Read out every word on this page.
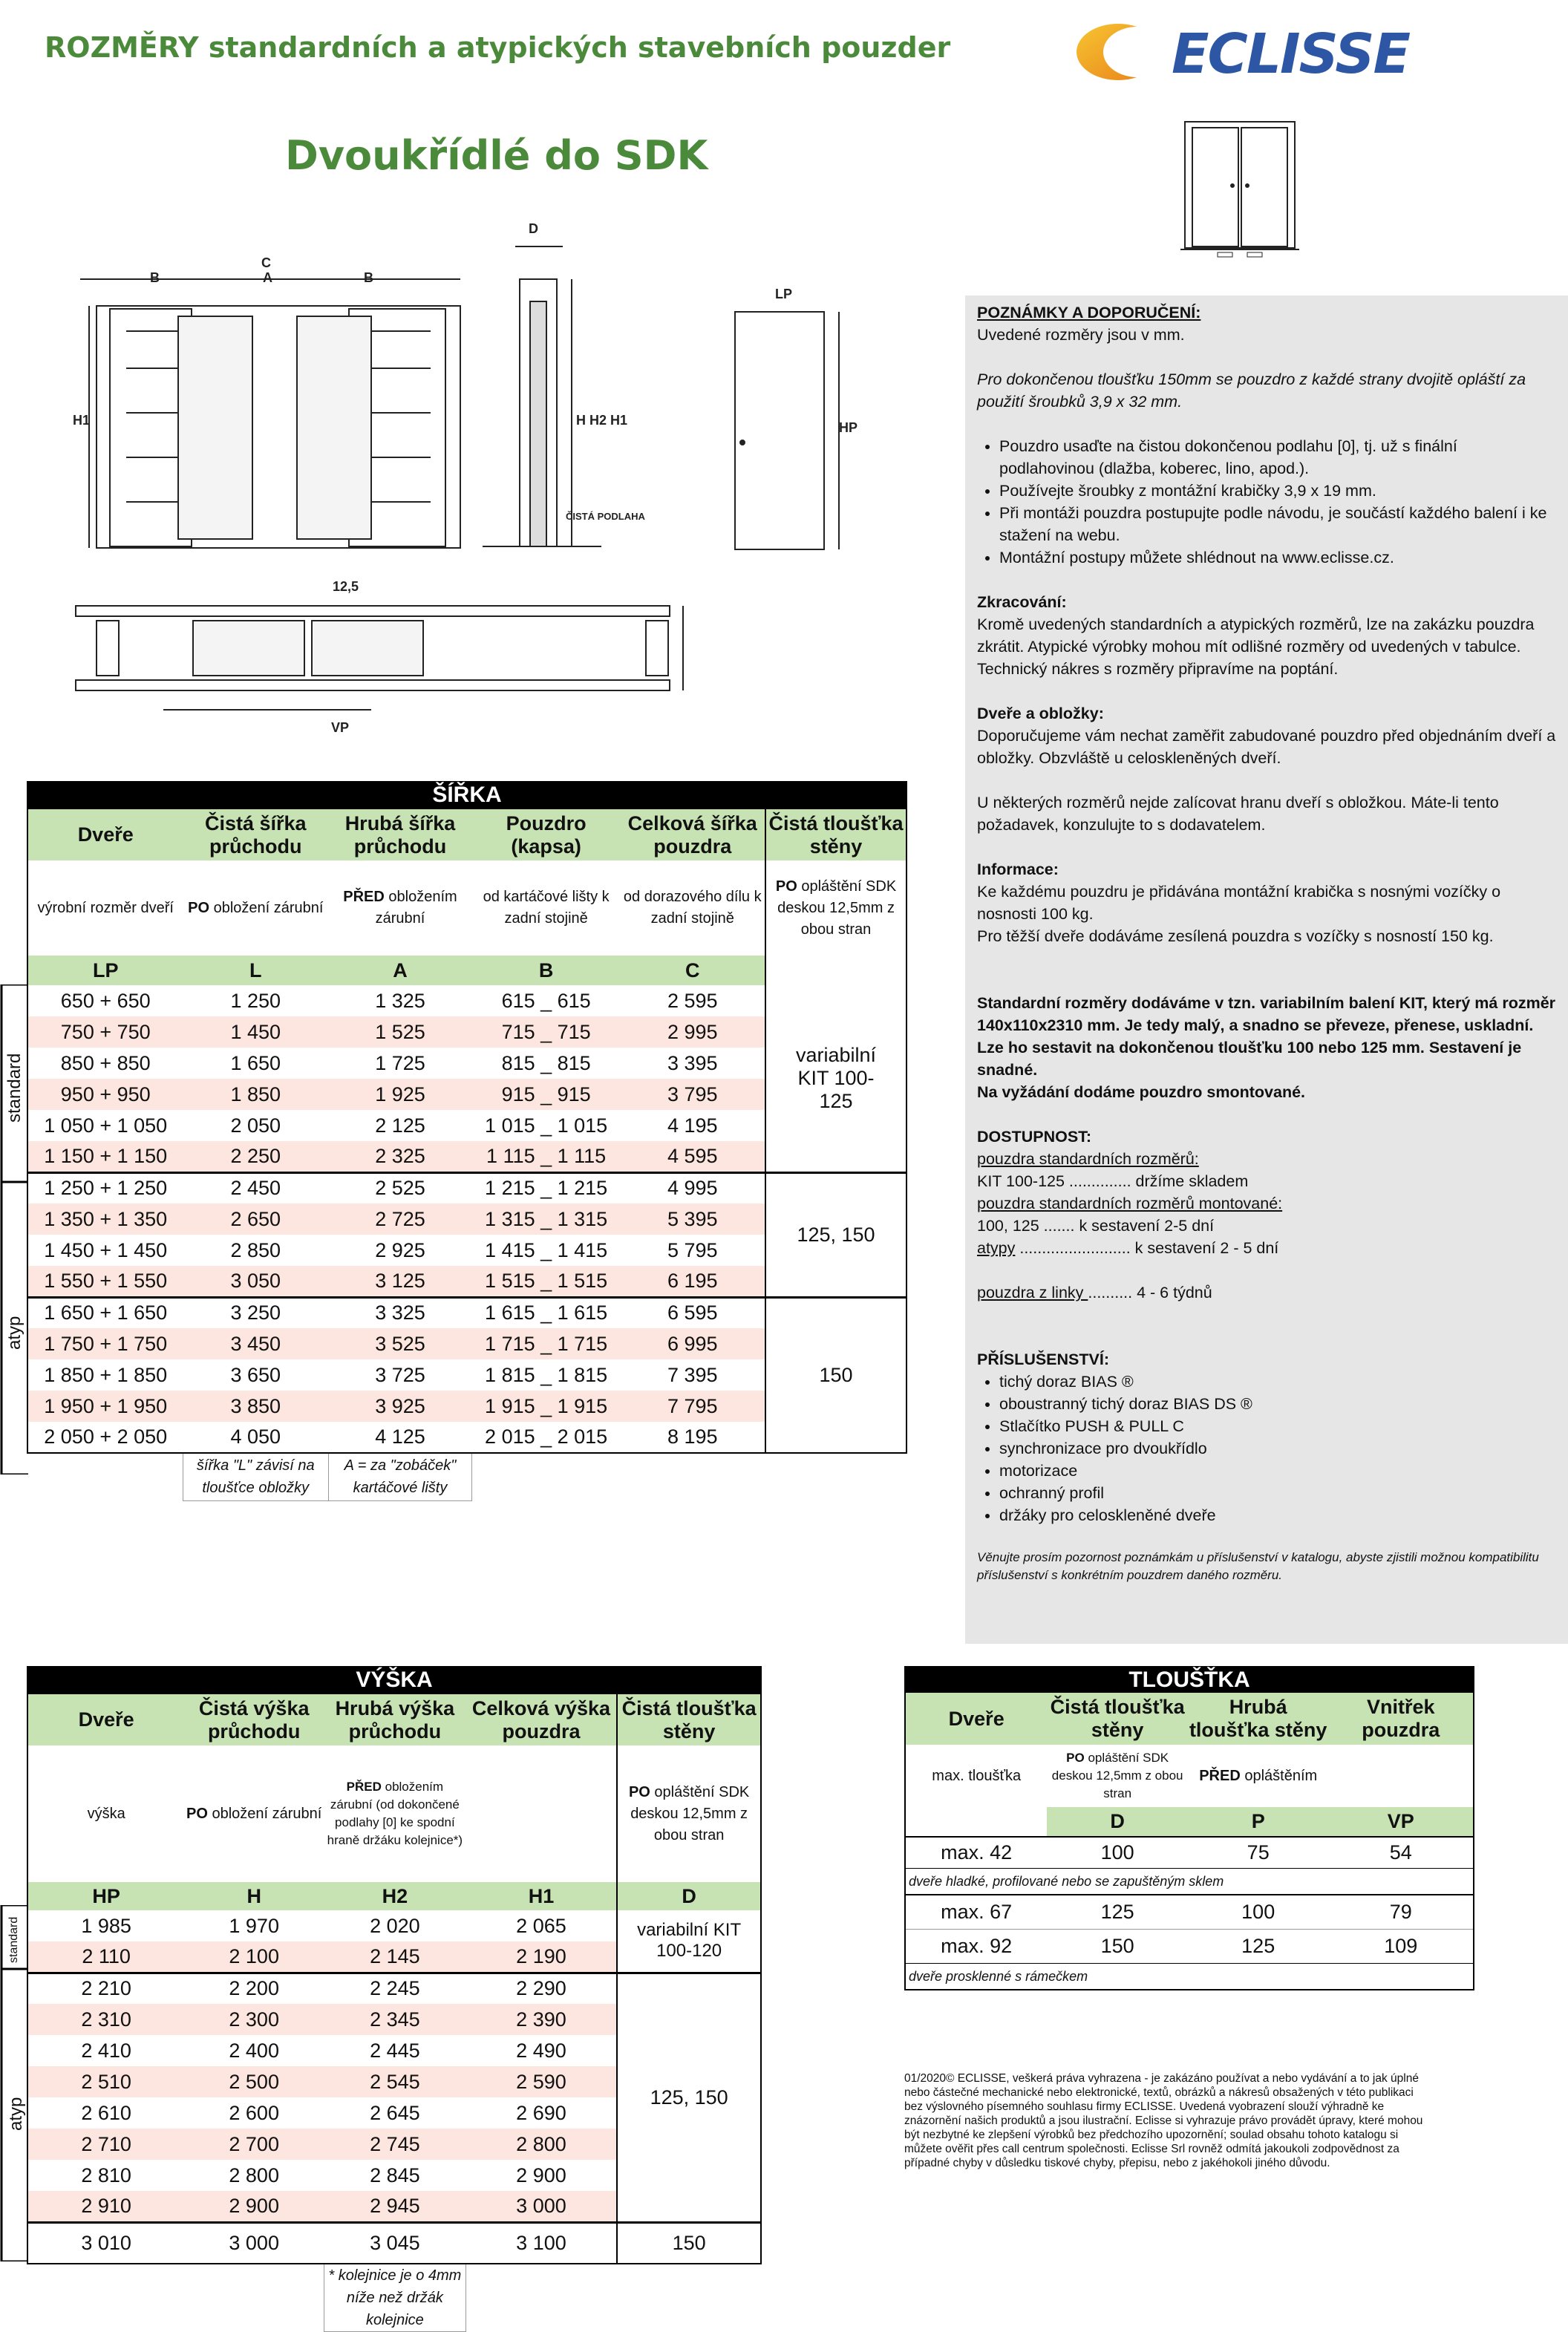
ROZMĚRY standardních a atypických stavebních pouzder
Dvoukřídlé do SDK
ECLISSE
C
A
B	B
H1
D
H H2 H1
ČISTÁ PODLAHA
LP
HP
12,5
VP

POZNÁMKY A DOPORUČENÍ:

Uvedené rozměry jsou v mm.

Pro dokončenou tloušťku 150mm se pouzdro z každé strany dvojitě opláští za použití šroubků 3,9 x 32 mm.

• Pouzdro usaďte na čistou dokončenou podlahu [0], tj. už s finální podlahovinou (dlažba, koberec, lino, apod.).
• Používejte šroubky z montážní krabičky 3,9 x 19 mm.
• Při montáži pouzdra postupujte podle návodu, je součástí každého balení i ke stažení na webu.
• Montážní postupy můžete shlédnout na www.eclisse.cz.

Zkracování:

Kromě uvedených standardních a atypických rozměrů, lze na zakázku pouzdra zkrátit. Atypické výrobky mohou mít odlišné rozměry od uvedených v tabulce. Technický nákres s rozměry připravíme na poptání.

Dveře a obložky:

Doporučujeme vám nechat zaměřit zabudované pouzdro před objednáním dveří a obložky. Obzvláště u celoskleněných dveří.

U některých rozměrů nejde zalícovat hranu dveří s obložkou. Máte-li tento požadavek, konzulujte to s dodavatelem.

Informace:

Ke každému pouzdru je přidávána montážní krabička s nosnými vozíčky o nosnosti 100 kg.

Pro těžší dveře dodáváme zesílená pouzdra s vozíčky s nosností 150 kg.

Standardní rozměry dodáváme v tzn. variabilním balení KIT, který má rozměr 140x110x2310 mm. Je tedy malý, a snadno se převeze, přenese, uskladní. Lze ho sestavit na dokončenou tloušťku 100 nebo 125 mm. Sestavení je snadné.

Na vyžádání dodáme pouzdro smontované.

DOSTUPNOST:

pouzdra standardních rozměrů:

KIT 100-125 .............. držíme skladem

pouzdra standardních rozměrů montované:

100, 125 ....... k sestavení 2-5 dní

atypy ......................... k sestavení 2 - 5 dní

pouzdra z linky .......... 4 - 6 týdnů

PŘÍSLUŠENSTVÍ:

• tichý doraz BIAS ®
• oboustranný tichý doraz BIAS DS ®
• Stlačítko PUSH & PULL C
• synchronizace pro dvoukřídlo
• motorizace
• ochranný profil
• držáky pro celoskleněné dveře

Věnujte prosím pozornost poznámkám u příslušenství v katalogu, abyste zjistili možnou kompatibilitu příslušenství s konkrétním pouzdrem daného rozměru.

standard
atyp
ŠÍŘKA					
Dveře	Čistá šířka průchodu	Hrubá šířka průchodu	Pouzdro (kapsa)	Celková šířka pouzdra	Čistá tloušťka stěny
výrobní rozměr dveří	PO obložení zárubní	PŘED obložením zárubní	od kartáčové lišty k zadní stojině	od dorazového dílu k zadní stojině	PO opláštění SDK deskou 12,5mm z obou stran
LP	L	A	B	C	
650 + 650	1 250	1 325	615 _ 615	2 595	variabilní KIT 100-125
750 + 750	1 450	1 525	715 _ 715	2 995	
850 + 850	1 650	1 725	815 _ 815	3 395	
950 + 950	1 850	1 925	915 _ 915	3 795	
1 050 + 1 050	2 050	2 125	1 015 _ 1 015	4 195	
1 150 + 1 150	2 250	2 325	1 115 _ 1 115	4 595	
1 250 + 1 250	2 450	2 525	1 215 _ 1 215	4 995	125, 150
1 350 + 1 350	2 650	2 725	1 315 _ 1 315	5 395	
1 450 + 1 450	2 850	2 925	1 415 _ 1 415	5 795	
1 550 + 1 550	3 050	3 125	1 515 _ 1 515	6 195	
1 650 + 1 650	3 250	3 325	1 615 _ 1 615	6 595	150
1 750 + 1 750	3 450	3 525	1 715 _ 1 715	6 995	
1 850 + 1 850	3 650	3 725	1 815 _ 1 815	7 395	
1 950 + 1 950	3 850	3 925	1 915 _ 1 915	7 795	
2 050 + 2 050	4 050	4 125	2 015 _ 2 015	8 195	
	šířka "L" závisí na tloušťce obložky	A = za "zobáček" kartáčové lišty			
standard
atyp
VÝŠKA				
Dveře	Čistá výška průchodu	Hrubá výška průchodu	Celková výška pouzdra	Čistá tloušťka stěny
výška	PO obložení zárubní	PŘED obložením zárubní (od dokončené podlahy [0] ke spodní hraně držáku kolejnice*)		PO opláštění SDK deskou 12,5mm z obou stran
HP	H	H2	H1	D
1 985	1 970	2 020	2 065	variabilní KIT 100-120
2 110	2 100	2 145	2 190	
2 210	2 200	2 245	2 290	125, 150
2 310	2 300	2 345	2 390	
2 410	2 400	2 445	2 490	
2 510	2 500	2 545	2 590	
2 610	2 600	2 645	2 690	
2 710	2 700	2 745	2 800	
2 810	2 800	2 845	2 900	
2 910	2 900	2 945	3 000	
3 010	3 000	3 045	3 100	150
		* kolejnice je o 4mm níže než držák kolejnice		
TLOUŠŤKA			
Dveře	Čistá tloušťka stěny	Hrubá tloušťka stěny	Vnitřek pouzdra
max. tloušťka	PO opláštění SDK deskou 12,5mm z obou stran	PŘED opláštěním	
	D	P	VP
max. 42	100	75	54
dveře hladké, profilované nebo se zapuštěným sklem			
max. 67	125	100	79
max. 92	150	125	109
dveře prosklenné s rámečkem			
01/2020© ECLISSE, veškerá práva vyhrazena - je zakázáno používat a nebo vydávání a to jak úplné nebo částečné mechanické nebo elektronické, textů, obrázků a nákresů obsažených v této publikaci bez výslovného písemného souhlasu firmy ECLISSE. Uvedená vyobrazení slouží výhradně ke znázornění našich produktů a jsou ilustrační. Eclisse si vyhrazuje právo provádět úpravy, které mohou být nezbytné ke zlepšení výrobků bez předchozího upozornění; soulad obsahu tohoto katalogu si můžete ověřit přes call centrum společnosti. Eclisse Srl rovněž odmítá jakoukoli zodpovědnost za případné chyby v důsledku tiskové chyby, přepisu, nebo z jakéhokoli jiného důvodu.
